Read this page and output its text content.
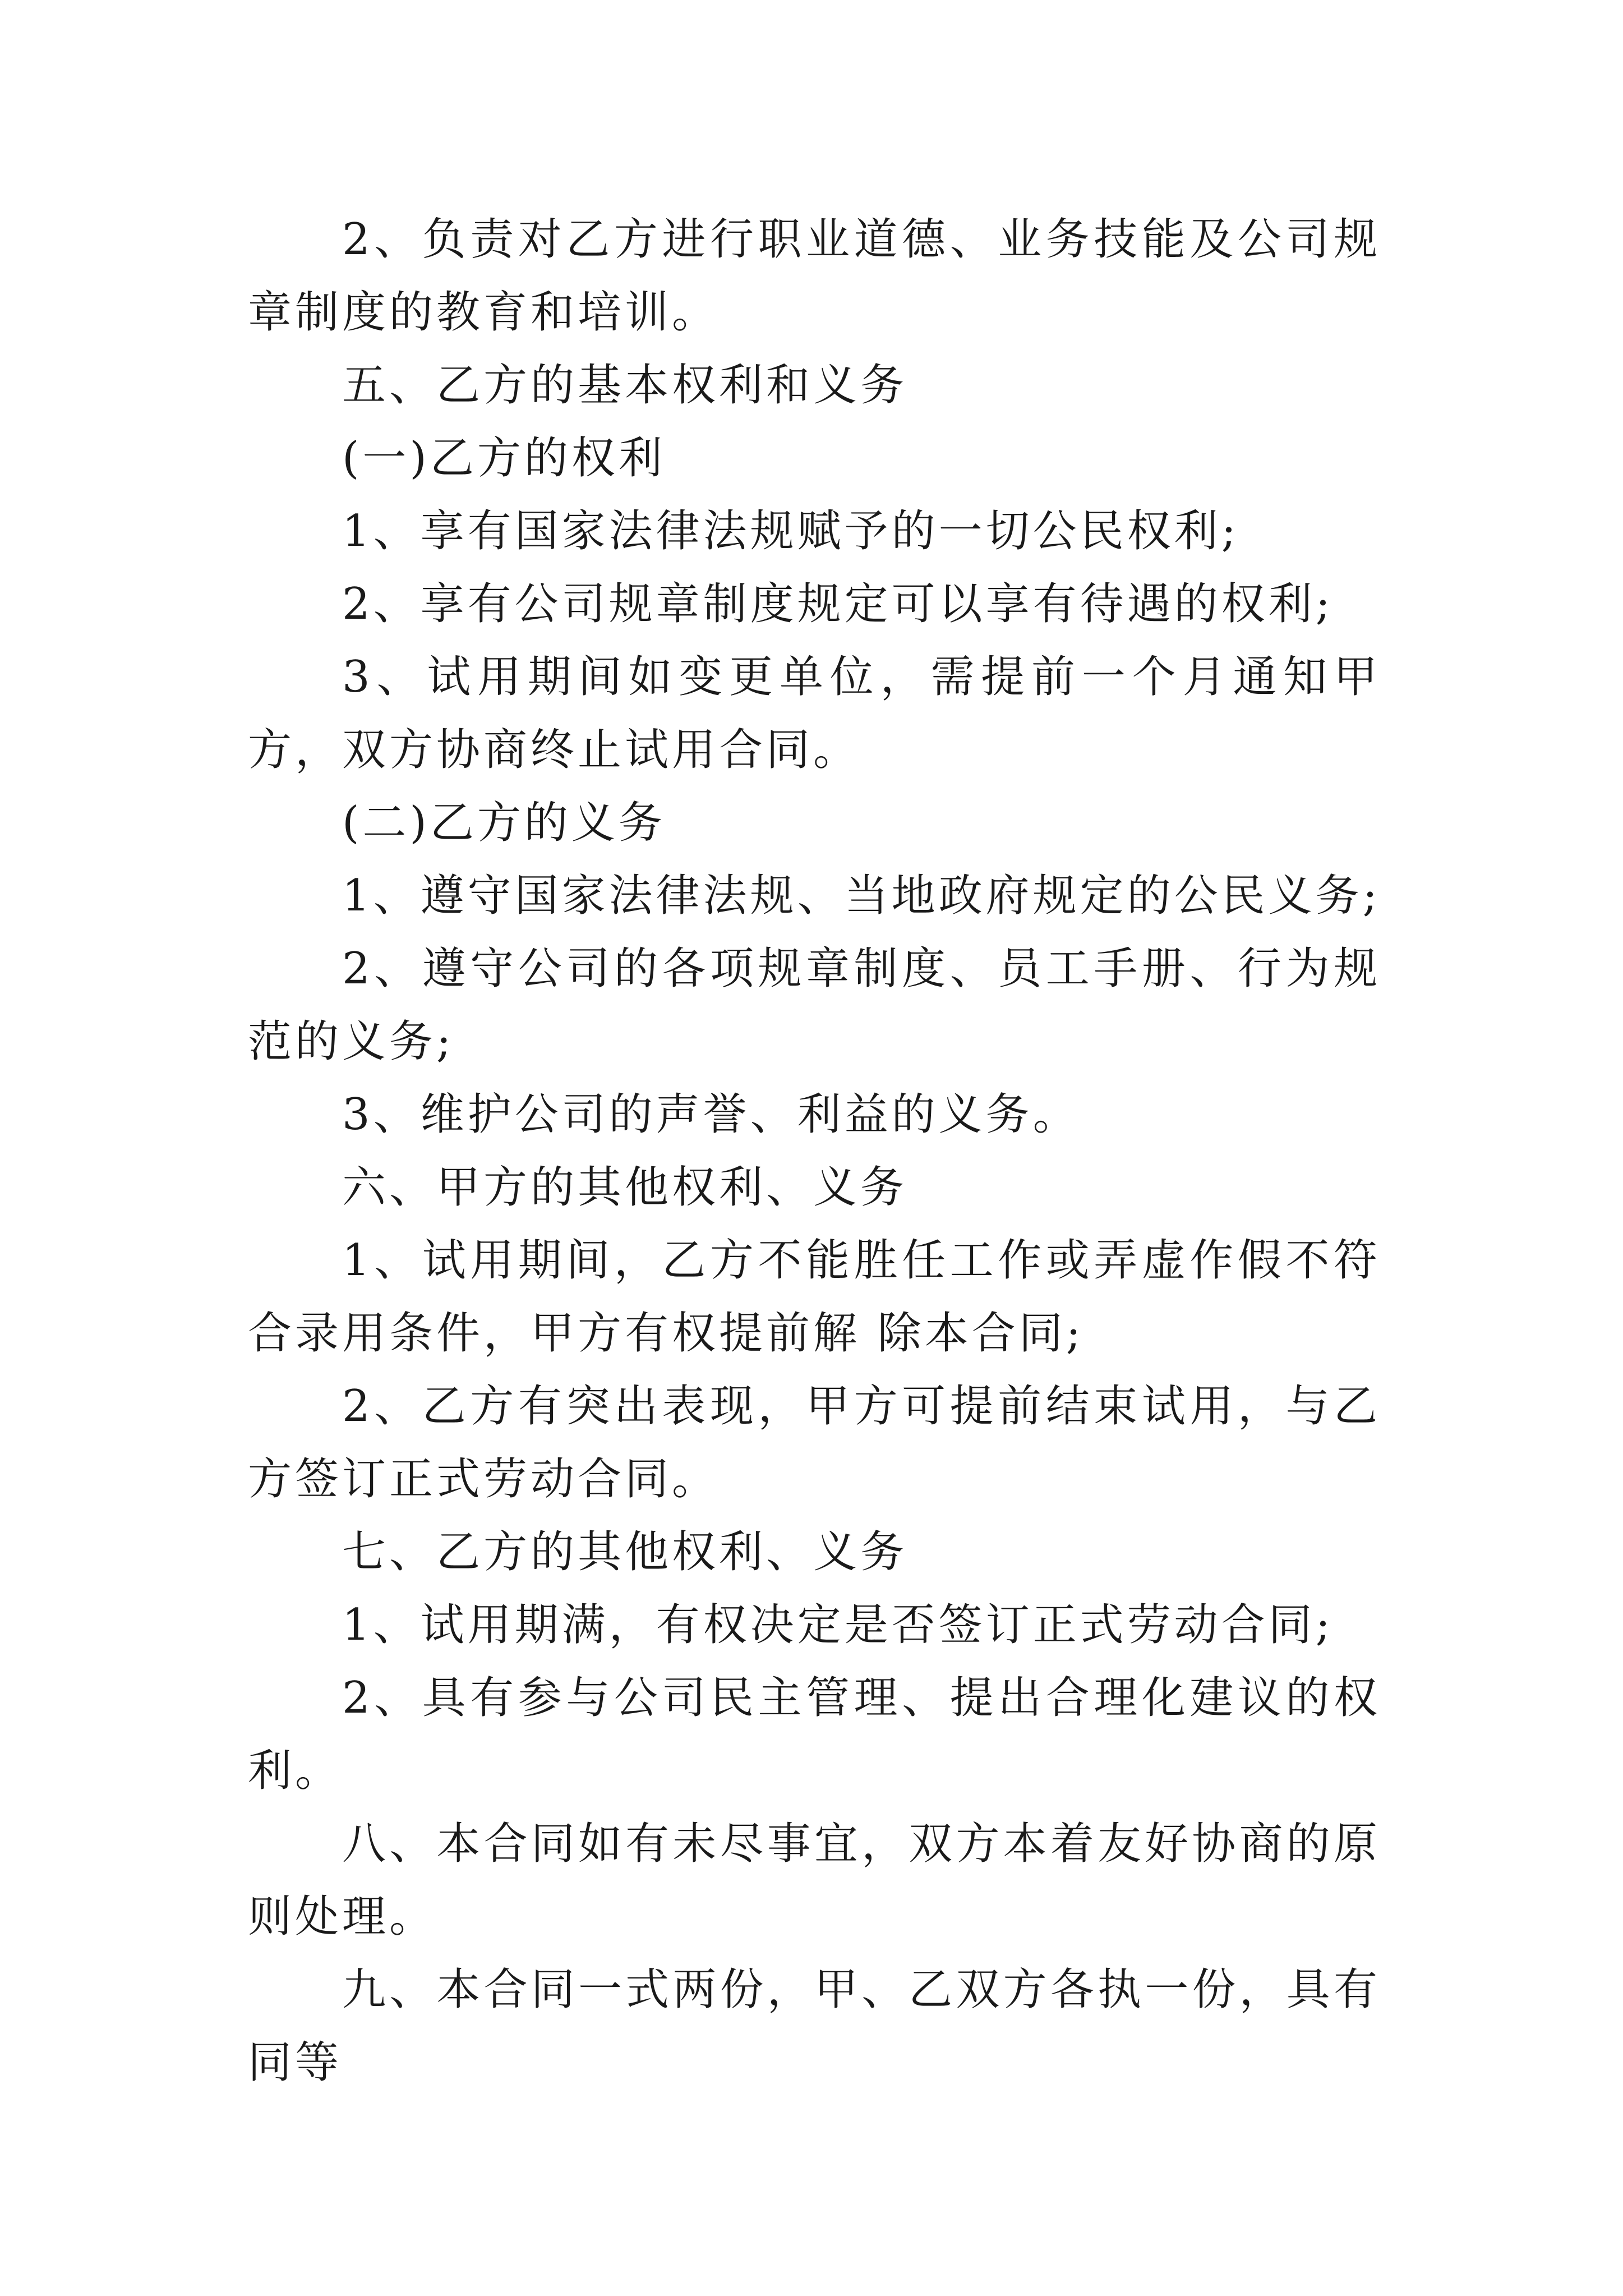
2、负责对乙方进行职业道德、业务技能及公司规章制度的教育和培训。

五、乙方的基本权利和义务

(一)乙方的权利

1、享有国家法律法规赋予的一切公民权利;

2、享有公司规章制度规定可以享有待遇的权利;

3、试用期间如变更单位，需提前一个月通知甲方，双方协商终止试用合同。

(二)乙方的义务

1、遵守国家法律法规、当地政府规定的公民义务;

2、遵守公司的各项规章制度、员工手册、行为规范的义务;

3、维护公司的声誉、利益的义务。

六、甲方的其他权利、义务

1、试用期间，乙方不能胜任工作或弄虚作假不符合录用条件，甲方有权提前解 除本合同;

2、乙方有突出表现，甲方可提前结束试用，与乙方签订正式劳动合同。

七、乙方的其他权利、义务

1、试用期满，有权决定是否签订正式劳动合同;

2、具有参与公司民主管理、提出合理化建议的权利。

八、本合同如有未尽事宜，双方本着友好协商的原则处理。

九、本合同一式两份，甲、乙双方各执一份，具有同等
